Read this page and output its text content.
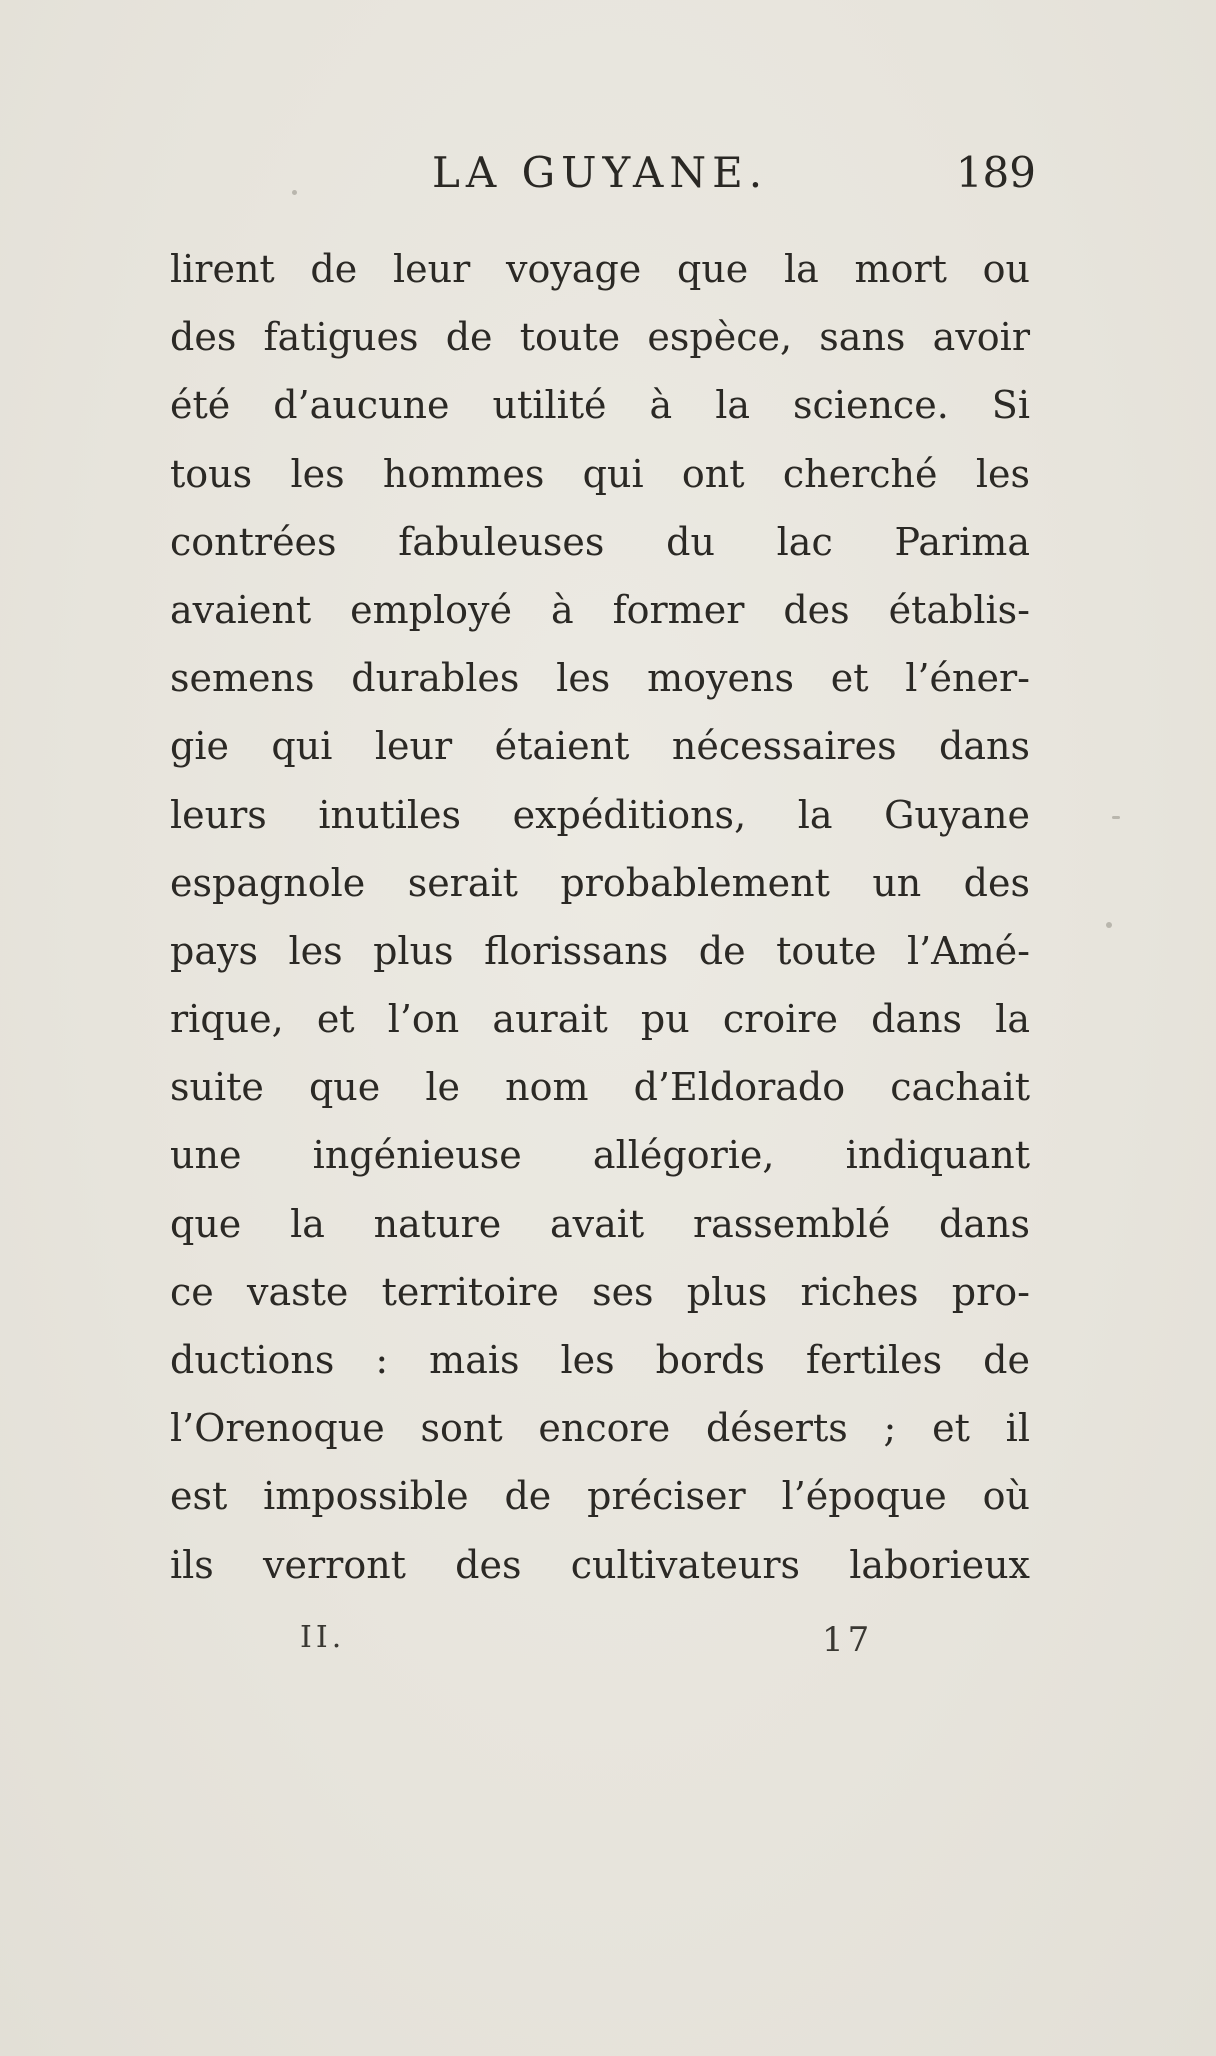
LA GUYANE.	189
lirent de leur voyage que la mort ou
des fatigues de toute espèce, sans avoir
été d’aucune utilité à la science. Si
tous les hommes qui ont cherché les
contrées fabuleuses du lac Parima
avaient employé à former des établis-
semens durables les moyens et l’éner-
gie qui leur étaient nécessaires dans
leurs inutiles expéditions, la Guyane
espagnole serait probablement un des
pays les plus florissans de toute l’Amé-
rique, et l’on aurait pu croire dans la
suite que le nom d’Eldorado cachait
une ingénieuse allégorie, indiquant
que la nature avait rassemblé dans
ce vaste territoire ses plus riches pro-
ductions : mais les bords fertiles de
l’Orenoque sont encore déserts ; et il
est impossible de préciser l’époque où
ils verront des cultivateurs laborieux
II.	17
